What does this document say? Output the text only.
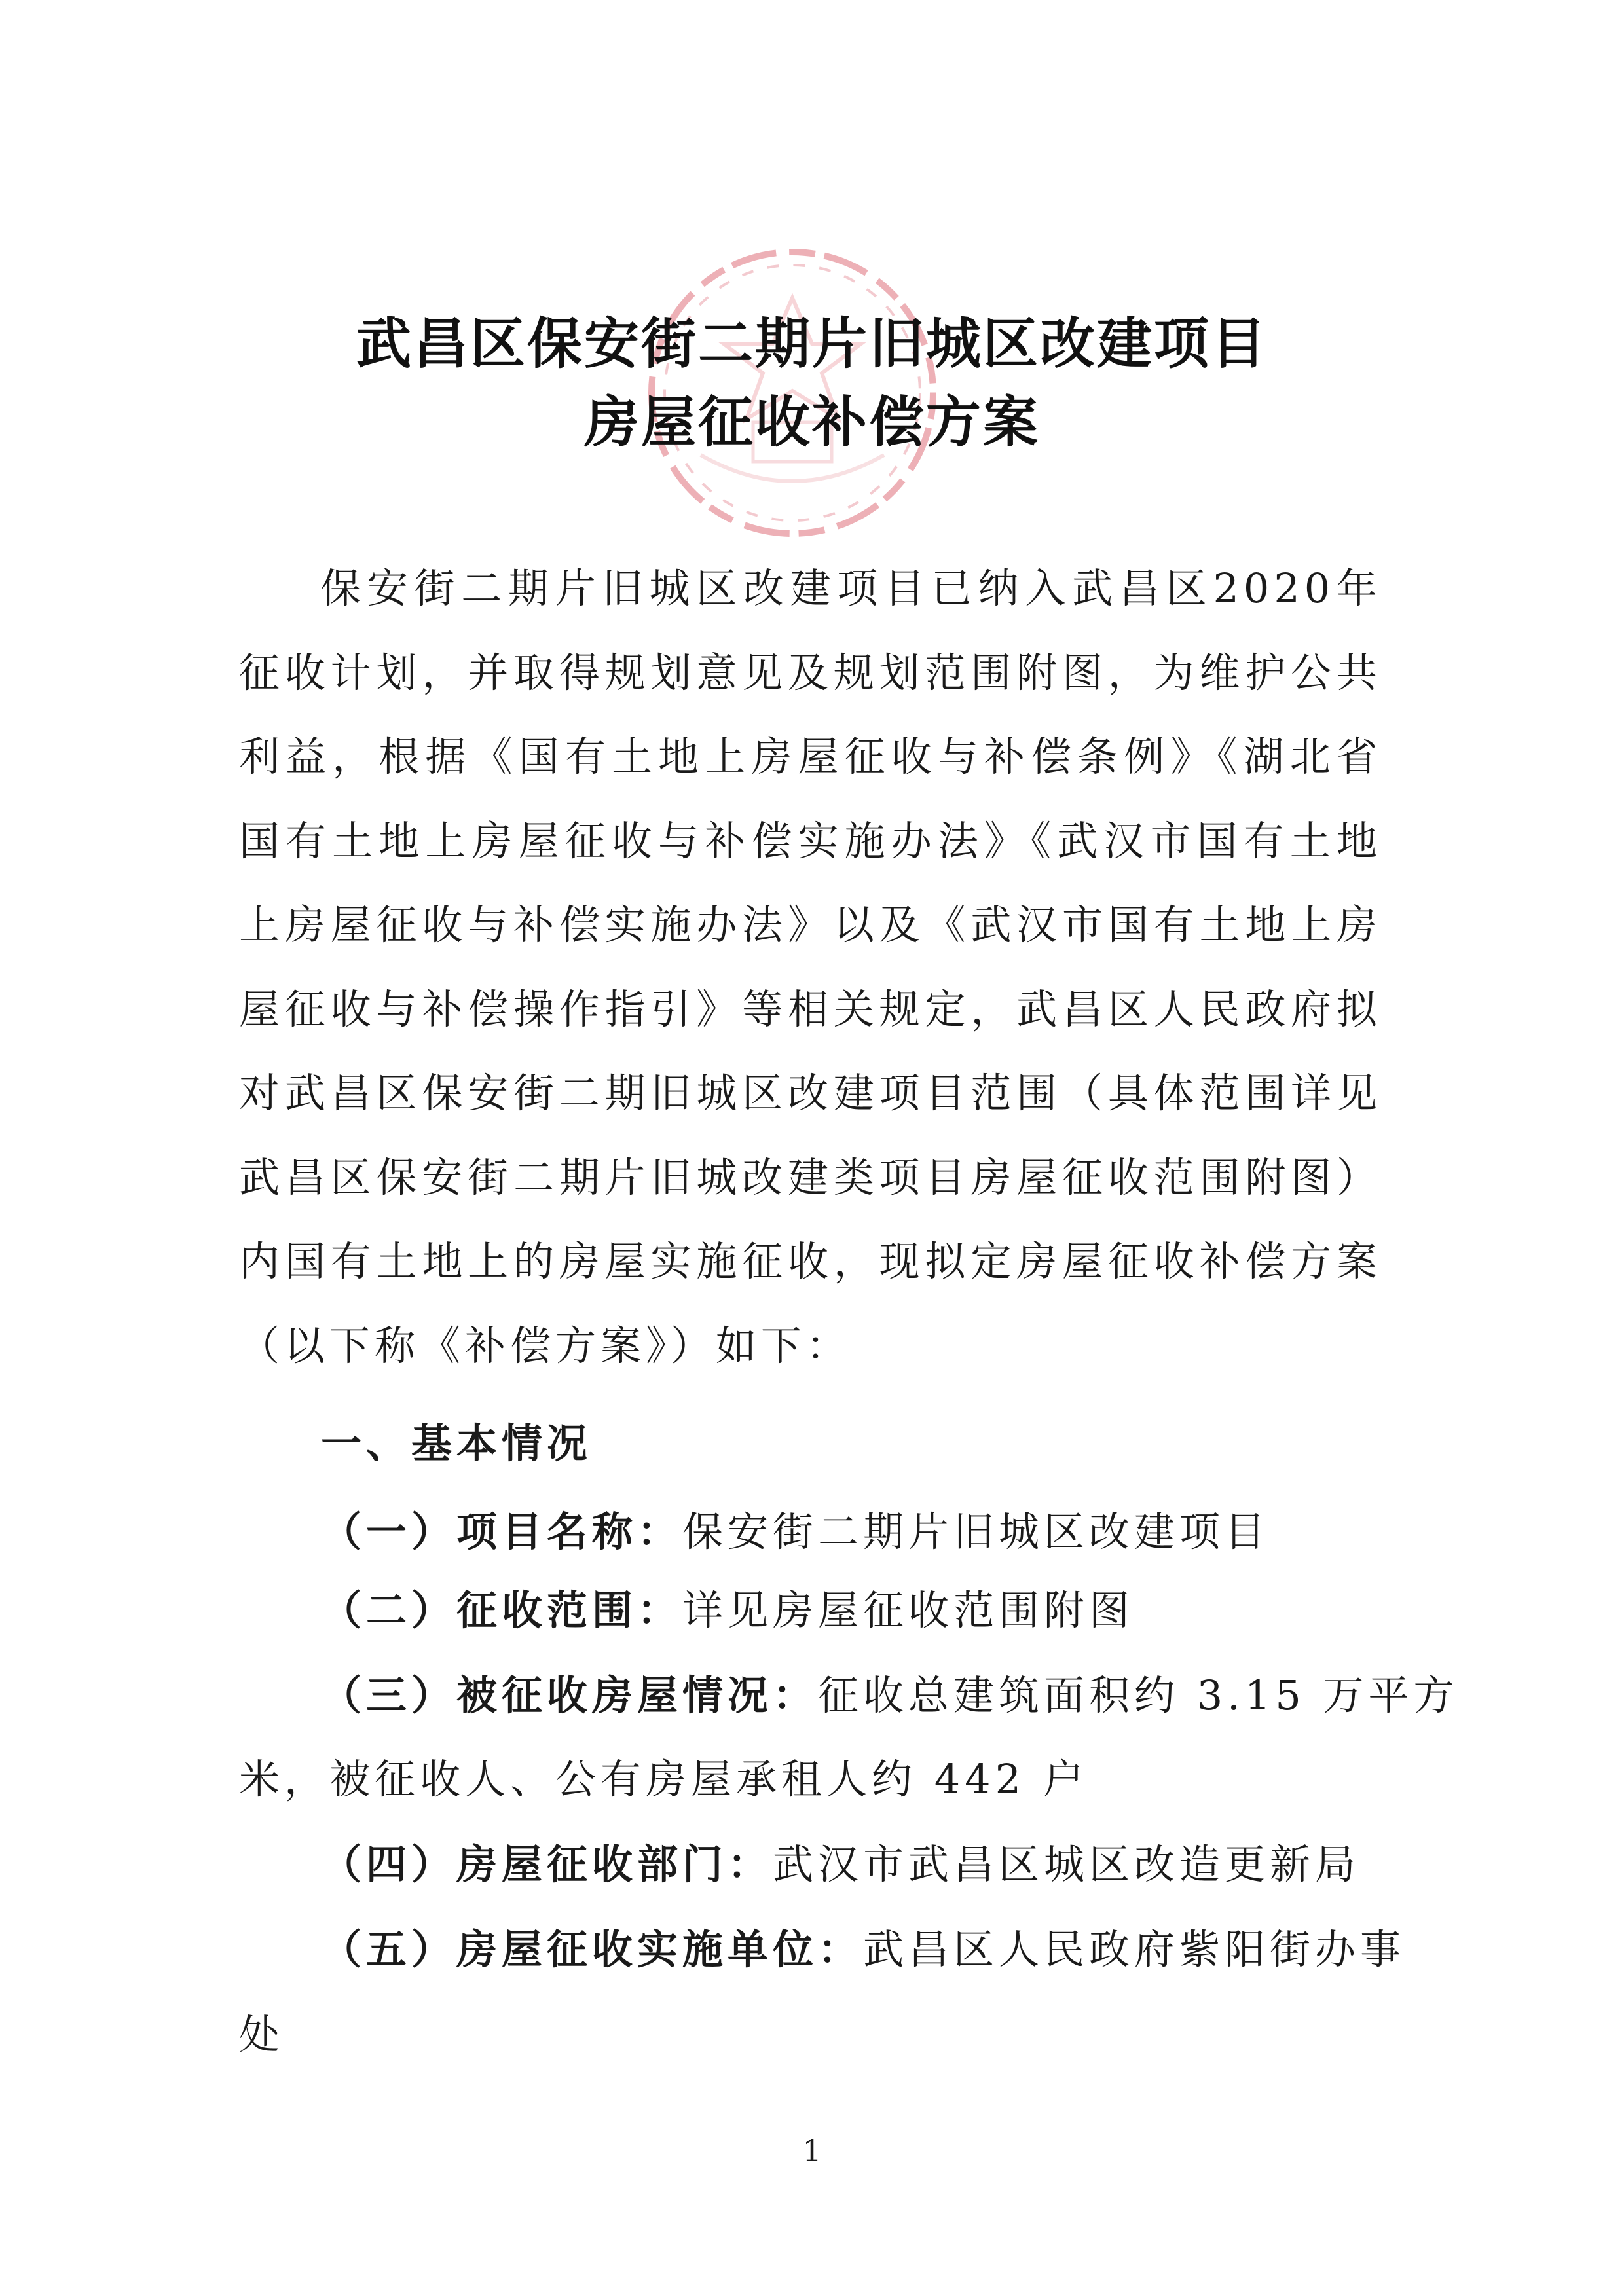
武昌区保安街二期片旧城区改建项目
房屋征收补偿方案

保安街二期片旧城区改建项目已纳入武昌区2020年征收计划，并取得规划意见及规划范围附图，为维护公共利益，根据《国有土地上房屋征收与补偿条例》《湖北省国有土地上房屋征收与补偿实施办法》《武汉市国有土地上房屋征收与补偿实施办法》以及《武汉市国有土地上房屋征收与补偿操作指引》等相关规定，武昌区人民政府拟对武昌区保安街二期旧城区改建项目范围（具体范围详见武昌区保安街二期片旧城改建类项目房屋征收范围附图）内国有土地上的房屋实施征收，现拟定房屋征收补偿方案（以下称《补偿方案》）如下：

一、基本情况
（一）项目名称：保安街二期片旧城区改建项目
（二）征收范围：详见房屋征收范围附图
（三）被征收房屋情况：征收总建筑面积约 3.15 万平方
米，被征收人、公有房屋承租人约 442 户
（四）房屋征收部门：武汉市武昌区城区改造更新局
（五）房屋征收实施单位：武昌区人民政府紫阳街办事
处
1
